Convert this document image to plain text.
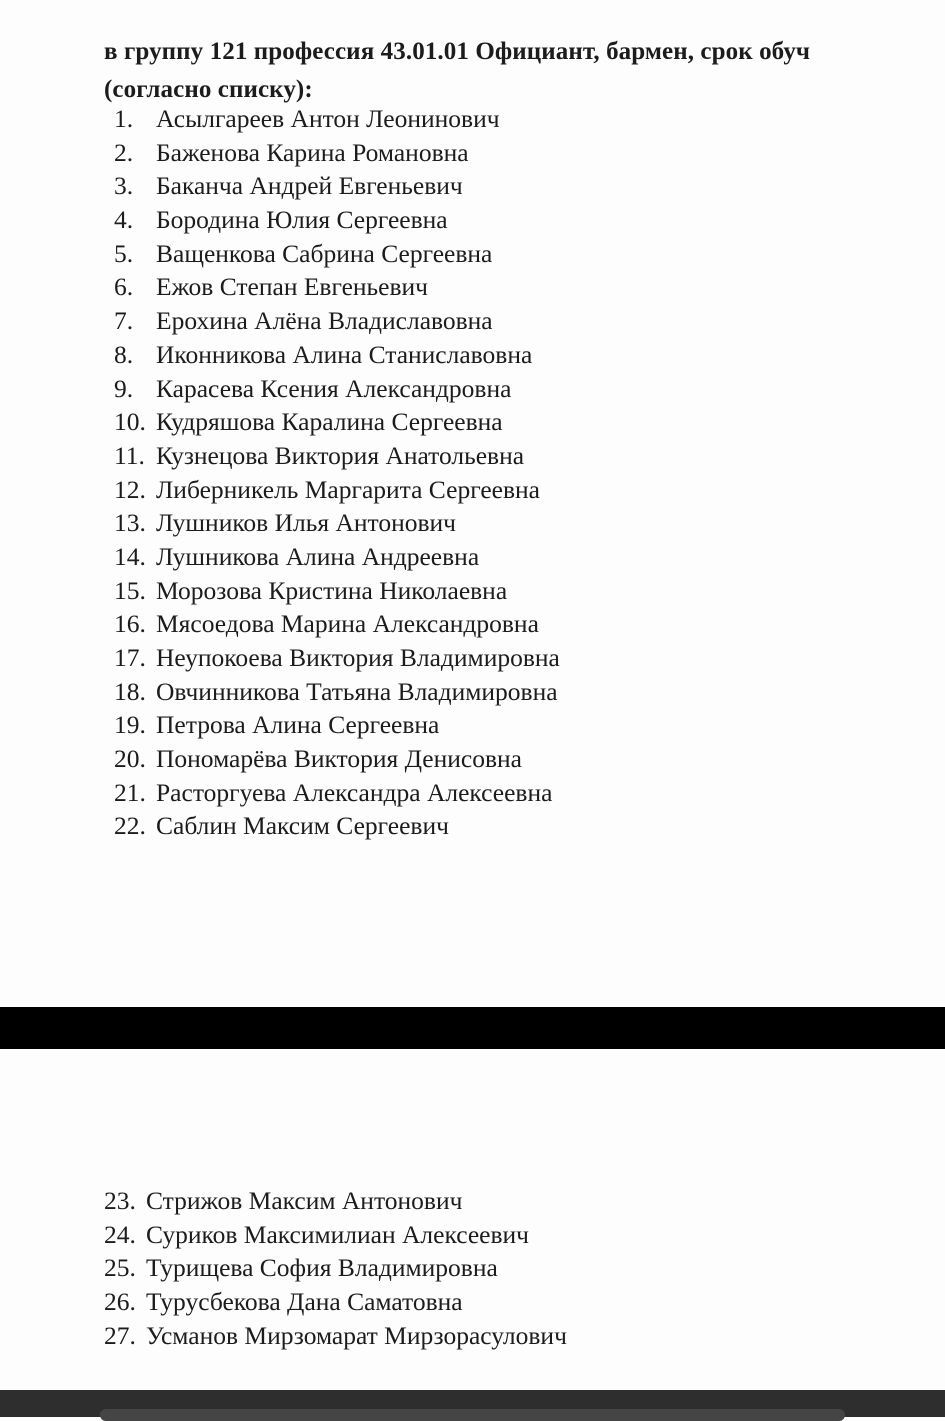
в группу 121 профессия 43.01.01 Официант, бармен, срок обуч
(согласно списку):
1. Асылгареев Антон Леонинович
2. Баженова Карина Романовна
3. Баканча Андрей Евгеньевич
4. Бородина Юлия Сергеевна
5. Ващенкова Сабрина Сергеевна
6. Ежов Степан Евгеньевич
7. Ерохина Алёна Владиславовна
8. Иконникова Алина Станиславовна
9. Карасева Ксения Александровна
10. Кудряшова Каралина Сергеевна
11. Кузнецова Виктория Анатольевна
12. Либерникель Маргарита Сергеевна
13. Лушников Илья Антонович
14. Лушникова Алина Андреевна
15. Морозова Кристина Николаевна
16. Мясоедова Марина Александровна
17. Неупокоева Виктория Владимировна
18. Овчинникова Татьяна Владимировна
19. Петрова Алина Сергеевна
20. Пономарёва Виктория Денисовна
21. Расторгуева Александра Алексеевна
22. Саблин Максим Сергеевич
23. Стрижов Максим Антонович
24. Суриков Максимилиан Алексеевич
25. Турищева София Владимировна
26. Турусбекова Дана Саматовна
27. Усманов Мирзомарат Мирзорасулович
